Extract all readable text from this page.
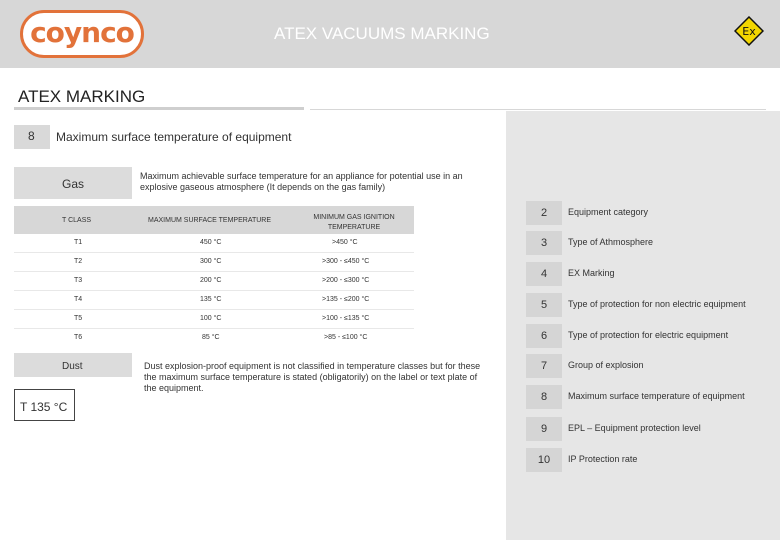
coynco	ATEX VACUUMS MARKING	Ex
ATEX MARKING
8	Maximum surface temperature of equipment
Gas
Maximum achievable surface temperature for an appliance for potential use in an explosive gaseous atmosphere (It depends on the gas family)
T CLASS	MAXIMUM SURFACE TEMPERATURE	MINIMUM GAS IGNITION TEMPERATURE
T1	450 °C	>450 °C
T2	300 °C	>300 - ≤450 °C
T3	200 °C	>200 - ≤300 °C
T4	135 °C	>135 - ≤200 °C
T5	100 °C	>100 - ≤135 °C
T6	85 °C	>85 - ≤100 °C
Dust
T 135 °C
Dust explosion-proof equipment is not classified in temperature classes but for these the maximum surface temperature is stated (obligatorily) on the label or text plate of the equipment.
2	Equipment category
3	Type of Athmosphere
4	EX Marking
5	Type of protection for non electric equipment
6	Type of protection for electric equipment
7	Group of explosion
8	Maximum surface temperature of equipment
9	EPL – Equipment protection level
10	IP Protection rate
